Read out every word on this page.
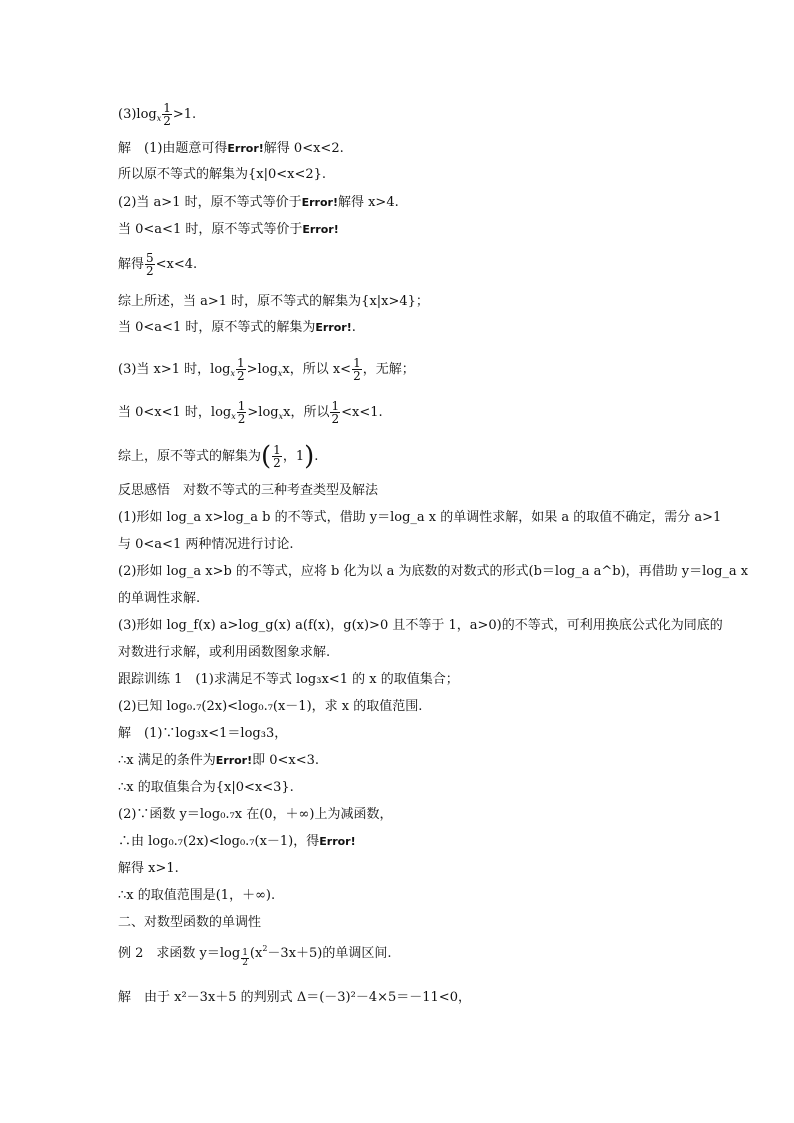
$(3)\log_x \frac{1}{2} >1$.
解　(1)由题意可得Error!解得 0<x<2.
所以原不等式的解集为{x|0<x<2}.
(2)当 a>1 时，原不等式等价于Error!解得 x>4.
当 0<a<1 时，原不等式等价于Error!
解得 $\frac{5}{2} <x<4$.
综上所述，当 a>1 时，原不等式的解集为{x|x>4}；
当 0<a<1 时，原不等式的解集为Error!.
(3)当 x>1 时，$\log_x \frac{1}{2} >\log_xx$，所以 $x< \frac{1}{2}$ ，无解；
当 0<x<1 时，$\log_x \frac{1}{2} >\log_xx$，所以 $\frac{1}{2} <x<1$.
综上，原不等式的解集为( $\frac{1}{2}$ ，1).
反思感悟　对数不等式的三种考查类型及解法
(1)形如 log_a x>log_a b 的不等式，借助 y＝log_a x 的单调性求解，如果 a 的取值不确定，需分 a>1
与 0<a<1 两种情况进行讨论.
(2)形如 log_a x>b 的不等式，应将 b 化为以 a 为底数的对数式的形式(b＝log_a a^b)，再借助 y＝log_a x
的单调性求解.
(3)形如 log_f(x) a>log_g(x) a(f(x)，g(x)>0 且不等于 1，a>0)的不等式，可利用换底公式化为同底的
对数进行求解，或利用函数图象求解.
跟踪训练 1　(1)求满足不等式 log₃x<1 的 x 的取值集合；
(2)已知 log₀.₇(2x)<log₀.₇(x－1)，求 x 的取值范围.
解　(1)∵log₃x<1＝log₃3，
∴x 满足的条件为Error!即 0<x<3.
∴x 的取值集合为{x|0<x<3}.
(2)∵函数 y＝log₀.₇x 在(0，＋∞)上为减函数，
∴由 log₀.₇(2x)<log₀.₇(x－1)，得Error!
解得 x>1.
∴x 的取值范围是(1，＋∞).
二、对数型函数的单调性
例 2　求函数 $y=\log \frac{1}{2} (x^2-3x+5)$的单调区间.
解　由于 x²－3x＋5 的判别式 Δ＝(－3)²－4×5＝－11<0，
